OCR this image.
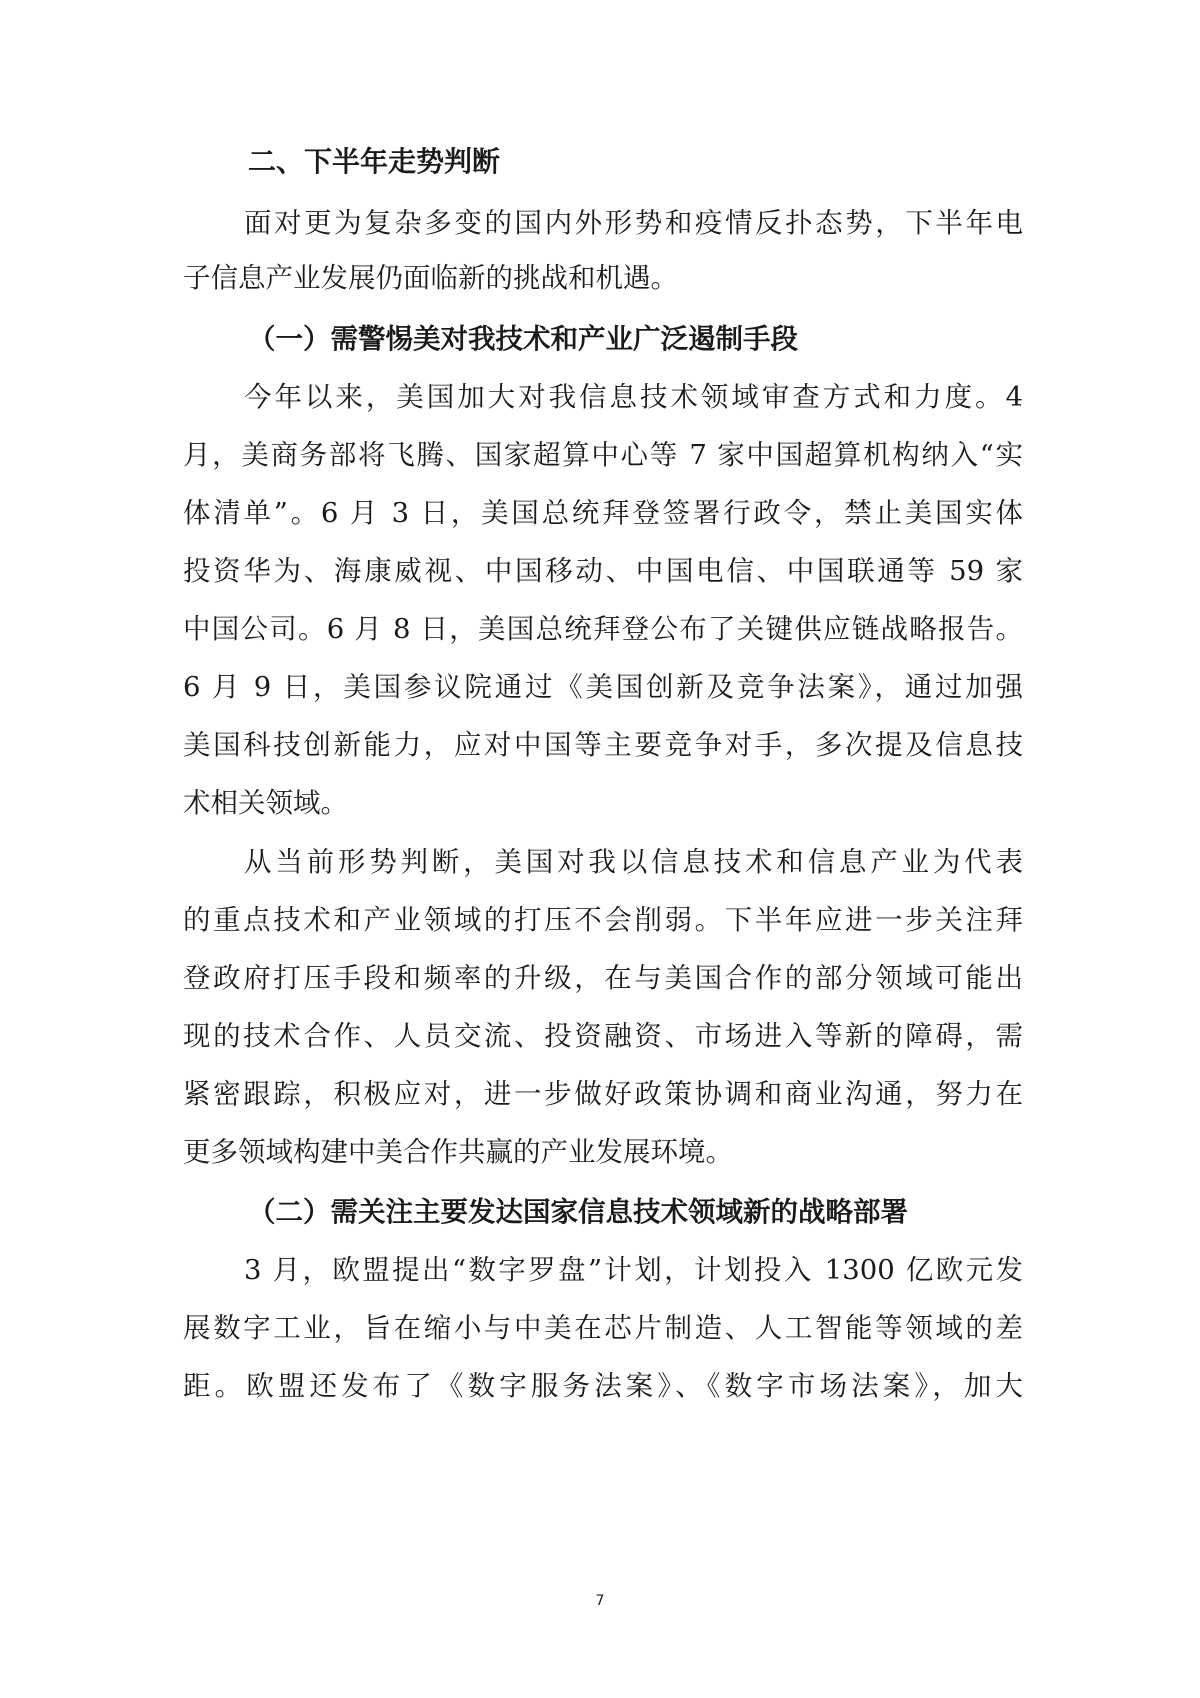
二、下半年走势判断

面对更为复杂多变的国内外形势和疫情反扑态势，下半年电

子信息产业发展仍面临新的挑战和机遇。

（一）需警惕美对我技术和产业广泛遏制手段

今年以来，美国加大对我信息技术领域审查方式和力度。4

月，美商务部将飞腾、国家超算中心等 7 家中国超算机构纳入“实

体清单”。6 月 3 日，美国总统拜登签署行政令，禁止美国实体

投资华为、海康威视、中国移动、中国电信、中国联通等 59 家

中国公司。6 月 8 日，美国总统拜登公布了关键供应链战略报告。

6 月 9 日，美国参议院通过《美国创新及竞争法案》，通过加强

美国科技创新能力，应对中国等主要竞争对手，多次提及信息技

术相关领域。

从当前形势判断，美国对我以信息技术和信息产业为代表

的重点技术和产业领域的打压不会削弱。下半年应进一步关注拜

登政府打压手段和频率的升级，在与美国合作的部分领域可能出

现的技术合作、人员交流、投资融资、市场进入等新的障碍，需

紧密跟踪，积极应对，进一步做好政策协调和商业沟通，努力在

更多领域构建中美合作共赢的产业发展环境。

（二）需关注主要发达国家信息技术领域新的战略部署

3 月，欧盟提出“数字罗盘”计划，计划投入 1300 亿欧元发

展数字工业，旨在缩小与中美在芯片制造、人工智能等领域的差

距。欧盟还发布了《数字服务法案》、《数字市场法案》，加大

7
